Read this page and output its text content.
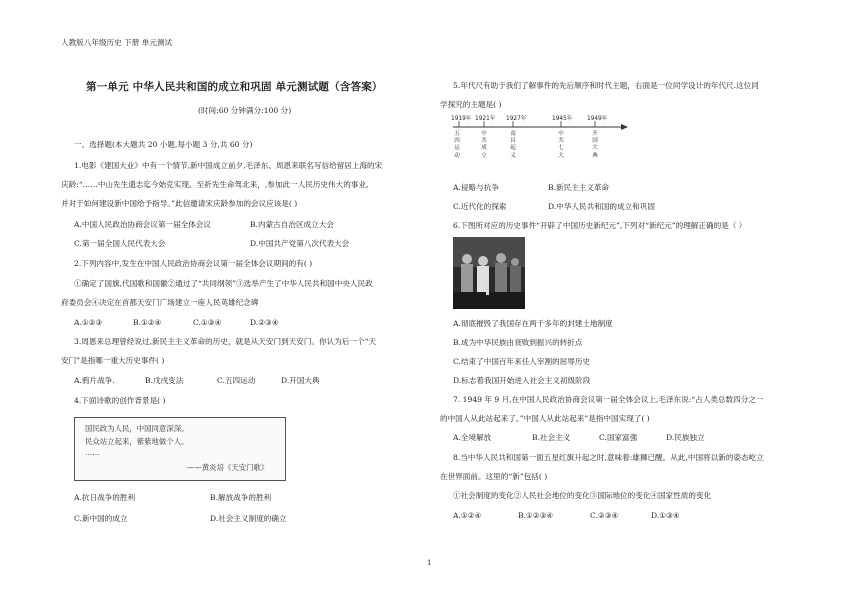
人教版八年级历史 下册 单元测试
第一单元 中华人民共和国的成立和巩固 单元测试题（含答案）
(时间:60 分钟满分:100 分)
一、选择题(本大题共 20 小题,每小题 3 分,共 60 分)
1.电影《建国大业》中有一个情节,新中国成立前夕,毛泽东、周恩来联名写信给留居上海的宋
庆龄:“……中山先生遗志迄今始克实现。至祈先生命驾北来，,参加此一人民历史伟大的事业,
并对于如何建设新中国给予指导。”此信邀请宋庆龄参加的会议应该是( )
A.中国人民政治协商会议第一届全体会议	B.内蒙古自治区成立大会
C.第一届全国人民代表大会	D.中国共产党第八次代表大会
2.下列内容中,发生在中国人民政治协商会议第一届全体会议期间的有( )
①确定了国旗,代国歌和国徽②通过了“共同纲领”③选举产生了中华人民共和国中央人民政
府委员会④决定在首都天安门广场建立一座人民英雄纪念碑
A.①②③	B.①②④	C.①③④	D.②③④
3.周恩来总理曾经说过,新民主主义革命的历史，就是从天安门到天安门。你认为后一个“天
安门”是指哪一重大历史事件( )
A.鸦片战争.	B.戊戌变法	C.五四运动	D.开国大典
4.下面诗歌的创作背景是( )
国民政为人民，中国同意深深。
民众站立起来，紫紫地做个人。
……
——黄炎培《天安门歌》
A.抗日战争的胜利	B.解放战争的胜利
C.新中国的成立	D.社会主义制度的确立
5.年代尺有助于我们了解事件的先后顺序和时代主题，右面是一位同学设计的年代尺.这位同
学探究的主题是( )
1919年 1921年 1927年	1945年 1949年
五
四
运
动
中
共
成
立
南
昌
起
义
中
共
七
大
开
国
大
典
A.侵略与抗争	B.新民主主义革命
C.近代化的探索	D.中华人民共和国的成立和巩固
6.下图所对应的历史事件“开辟了中国历史新纪元”,下列对“新纪元”的理解正确的是（ ）
A.彻底摧毁了我国存在两千多年的封建土地制度
B.成为中华民族由衰败到振兴的转折点
C.结束了中国百年来任人宰割的屈辱历史
D.标志着我国开始进入社会主义初级阶段
7. 1949 年 9 月,在中国人民政治协商会议第一届全体会议上,毛泽东说:“占人类总数四分之一
的中国人从此站起来了。”中国人从此站起来”是指中国实现了( )
A.全境解放	B.社会主义	C.国家富强	D.民族独立
8.当中华人民共和国第一面五星红旗升起之时,意味着:雄狮已醒。从此,中国将以新的姿态屹立
在世界面前。这里的“新”包括( )
①社会制度的变化②人民社会地位的变化③国际地位的变化④国家性质的变化
A.①②④	B.①②③④	C.②③④	D.①③④
1
